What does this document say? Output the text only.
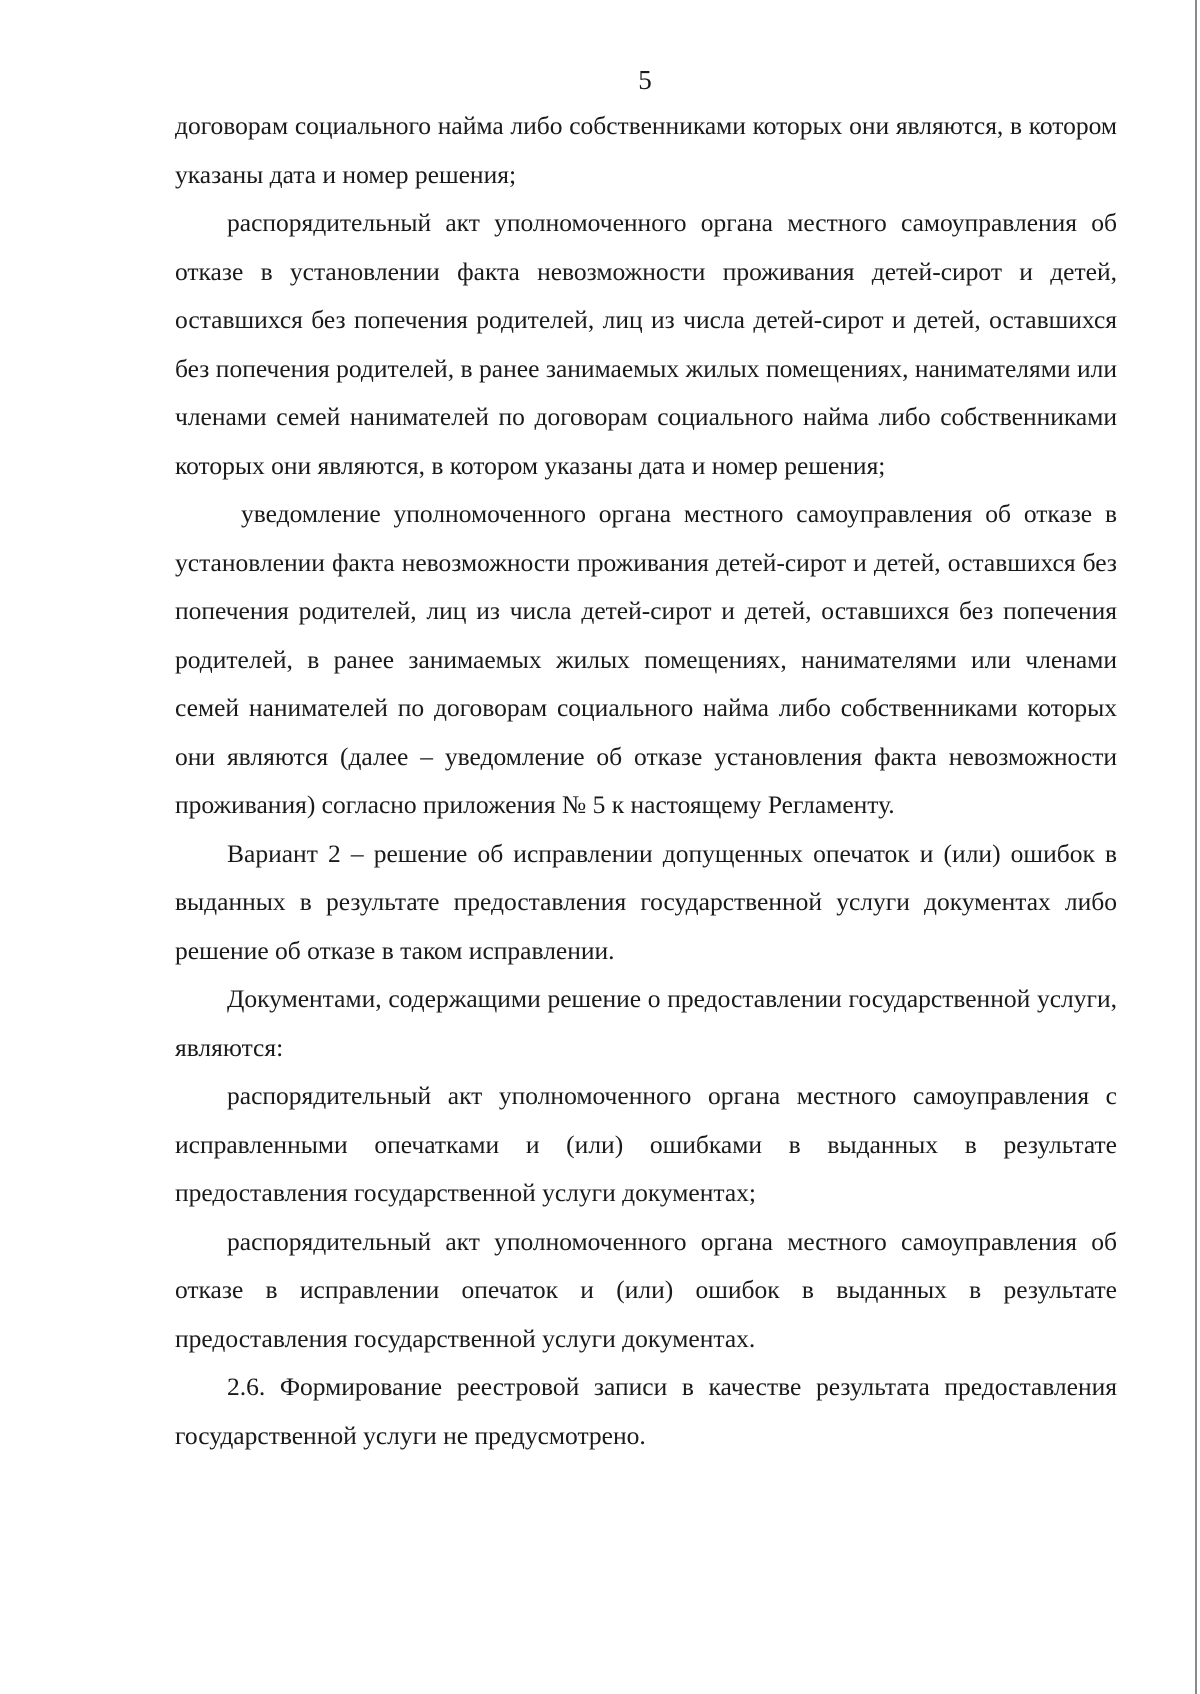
5

договорам социального найма либо собственниками которых они являются, в котором указаны дата и номер решения;

распорядительный акт уполномоченного органа местного самоуправления об отказе в установлении факта невозможности проживания детей-сирот и детей, оставшихся без попечения родителей, лиц из числа детей-сирот и детей, оставшихся без попечения родителей, в ранее занимаемых жилых помещениях, нанимателями или членами семей нанимателей по договорам социального найма либо собственниками которых они являются, в котором указаны дата и номер решения;

уведомление уполномоченного органа местного самоуправления об отказе в установлении факта невозможности проживания детей-сирот и детей, оставшихся без попечения родителей, лиц из числа детей-сирот и детей, оставшихся без попечения родителей, в ранее занимаемых жилых помещениях, нанимателями или членами семей нанимателей по договорам социального найма либо собственниками которых они являются (далее – уведомление об отказе установления факта невозможности проживания) согласно приложения № 5 к настоящему Регламенту.

Вариант 2 – решение об исправлении допущенных опечаток и (или) ошибок в выданных в результате предоставления государственной услуги документах либо решение об отказе в таком исправлении.

Документами, содержащими решение о предоставлении государственной услуги, являются:

распорядительный акт уполномоченного органа местного самоуправления с исправленными опечатками и (или) ошибками в выданных в результате предоставления государственной услуги документах;

распорядительный акт уполномоченного органа местного самоуправления об отказе в исправлении опечаток и (или) ошибок в выданных в результате предоставления государственной услуги документах.

2.6. Формирование реестровой записи в качестве результата предоставления государственной услуги не предусмотрено.
